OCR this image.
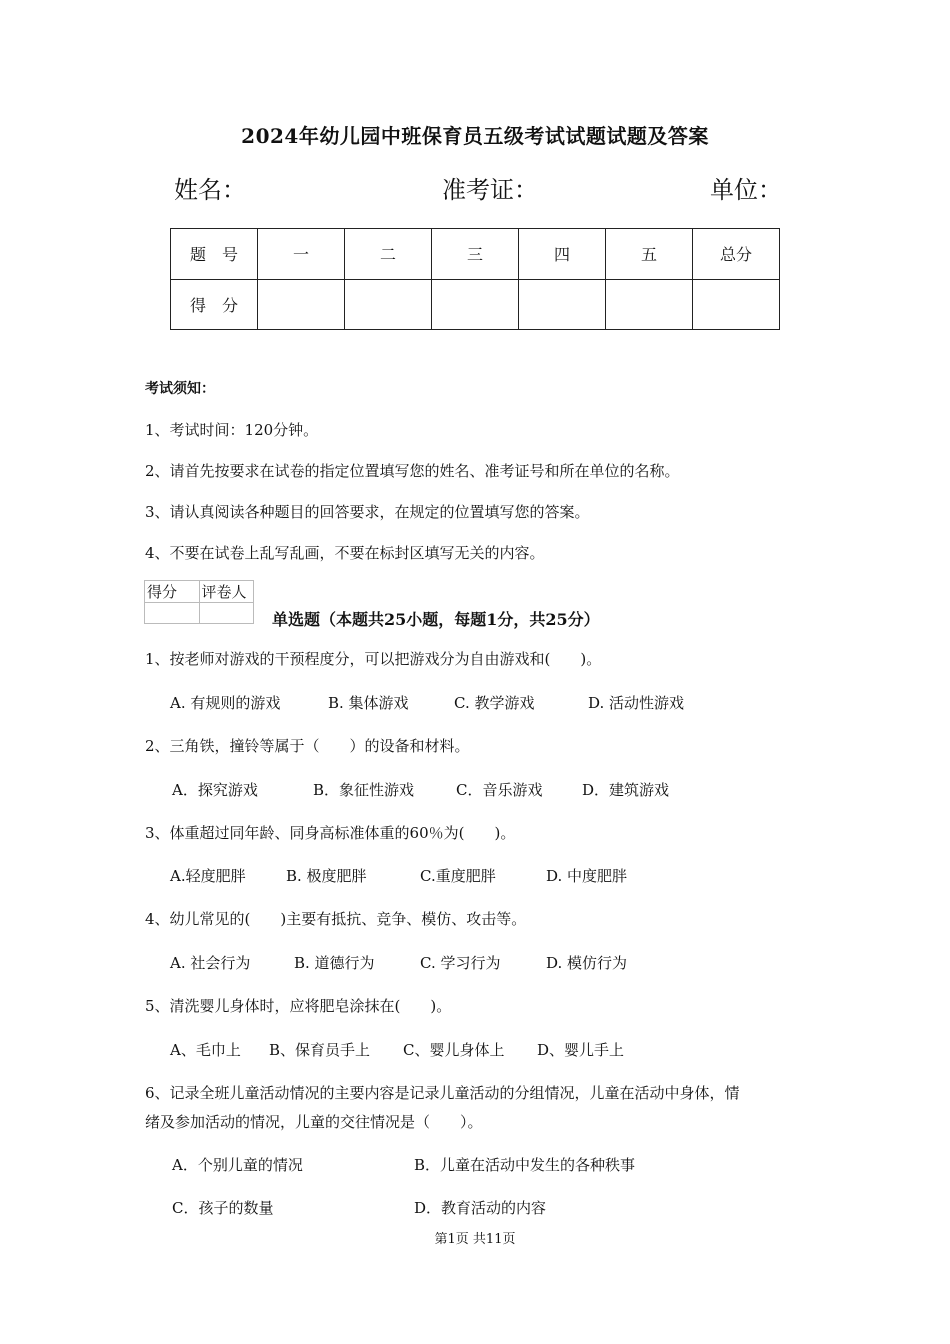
2024年幼儿园中班保育员五级考试试题试题及答案
姓名：	准考证：	单位：
题　号	一	二	三	四	五	总分
得　分						
考试须知：
1、考试时间：120分钟。
2、请首先按要求在试卷的指定位置填写您的姓名、准考证号和所在单位的名称。
3、请认真阅读各种题目的回答要求，在规定的位置填写您的答案。
4、不要在试卷上乱写乱画，不要在标封区填写无关的内容。
得分	评卷人

单选题（本题共25小题，每题1分，共25分）
1、按老师对游戏的干预程度分，可以把游戏分为自由游戏和(　　)。
A. 有规则的游戏	B. 集体游戏	C. 教学游戏	D. 活动性游戏
2、三角铁，撞铃等属于（　　）的设备和材料。
A．探究游戏	B．象征性游戏	C．音乐游戏	D．建筑游戏
3、体重超过同年龄、同身高标准体重的60％为(　　)。
A.轻度肥胖	B. 极度肥胖	C.重度肥胖	D. 中度肥胖
4、幼儿常见的(　　)主要有抵抗、竞争、模仿、攻击等。
A. 社会行为	B. 道德行为	C. 学习行为	D. 模仿行为
5、清洗婴儿身体时，应将肥皂涂抹在(　　)。
A、毛巾上 B、保育员手上 C、婴儿身体上 D、婴儿手上
6、记录全班儿童活动情况的主要内容是记录儿童活动的分组情况，儿童在活动中身体，情
绪及参加活动的情况，儿童的交往情况是（　　）。
A．个别儿童的情况	B．儿童在活动中发生的各种秩事
C．孩子的数量	D．教育活动的内容
第1页 共11页
